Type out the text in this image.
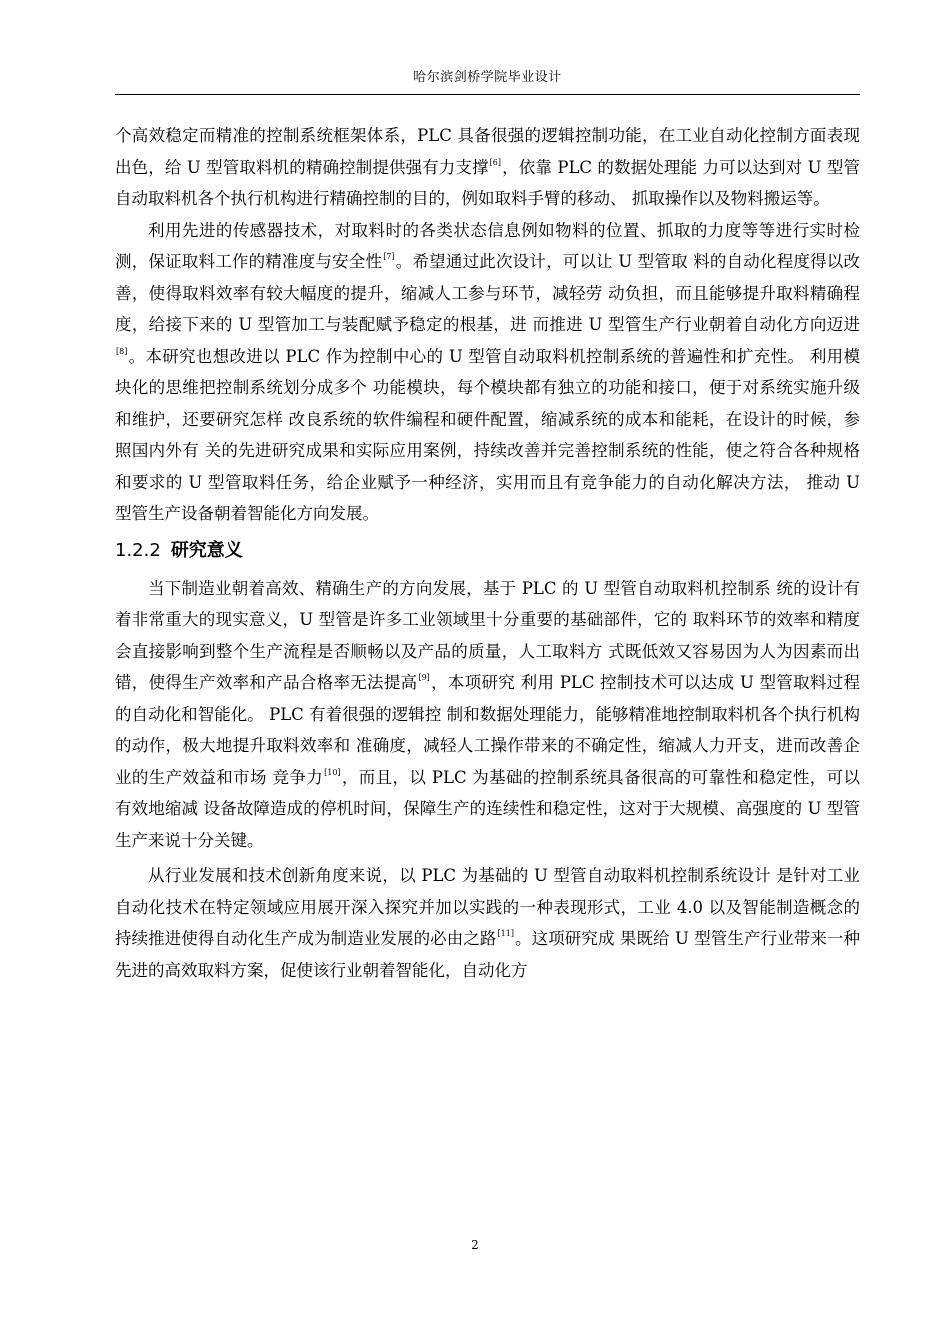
哈尔滨剑桥学院毕业设计

个高效稳定而精准的控制系统框架体系，PLC 具备很强的逻辑控制功能，在工业自动化控制方面表现出色，给 U 型管取料机的精确控制提供强有力支撑[6]，依靠 PLC 的数据处理能 力可以达到对 U 型管自动取料机各个执行机构进行精确控制的目的，例如取料手臂的移动、 抓取操作以及物料搬运等。

利用先进的传感器技术，对取料时的各类状态信息例如物料的位置、抓取的力度等等进行实时检测，保证取料工作的精准度与安全性[7]。希望通过此次设计，可以让 U 型管取 料的自动化程度得以改善，使得取料效率有较大幅度的提升，缩减人工参与环节，减轻劳 动负担，而且能够提升取料精确程度，给接下来的 U 型管加工与装配赋予稳定的根基，进 而推进 U 型管生产行业朝着自动化方向迈进[8]。本研究也想改进以 PLC 作为控制中心的 U 型管自动取料机控制系统的普遍性和扩充性。 利用模块化的思维把控制系统划分成多个 功能模块，每个模块都有独立的功能和接口，便于对系统实施升级和维护，还要研究怎样 改良系统的软件编程和硬件配置，缩减系统的成本和能耗，在设计的时候，参照国内外有 关的先进研究成果和实际应用案例，持续改善并完善控制系统的性能，使之符合各种规格 和要求的 U 型管取料任务，给企业赋予一种经济，实用而且有竞争能力的自动化解决方法， 推动 U 型管生产设备朝着智能化方向发展。

1.2.2 研究意义

当下制造业朝着高效、精确生产的方向发展，基于 PLC 的 U 型管自动取料机控制系 统的设计有着非常重大的现实意义，U 型管是许多工业领域里十分重要的基础部件，它的 取料环节的效率和精度会直接影响到整个生产流程是否顺畅以及产品的质量，人工取料方 式既低效又容易因为人为因素而出错，使得生产效率和产品合格率无法提高[9]，本项研究 利用 PLC 控制技术可以达成 U 型管取料过程的自动化和智能化。 PLC 有着很强的逻辑控 制和数据处理能力，能够精准地控制取料机各个执行机构的动作，极大地提升取料效率和 准确度，减轻人工操作带来的不确定性，缩减人力开支，进而改善企业的生产效益和市场 竞争力[10]，而且，以 PLC 为基础的控制系统具备很高的可靠性和稳定性，可以有效地缩减 设备故障造成的停机时间，保障生产的连续性和稳定性，这对于大规模、高强度的 U 型管 生产来说十分关键。

从行业发展和技术创新角度来说，以 PLC 为基础的 U 型管自动取料机控制系统设计 是针对工业自动化技术在特定领域应用展开深入探究并加以实践的一种表现形式，工业 4.0 以及智能制造概念的持续推进使得自动化生产成为制造业发展的必由之路[11]。这项研究成 果既给 U 型管生产行业带来一种先进的高效取料方案，促使该行业朝着智能化，自动化方

2
